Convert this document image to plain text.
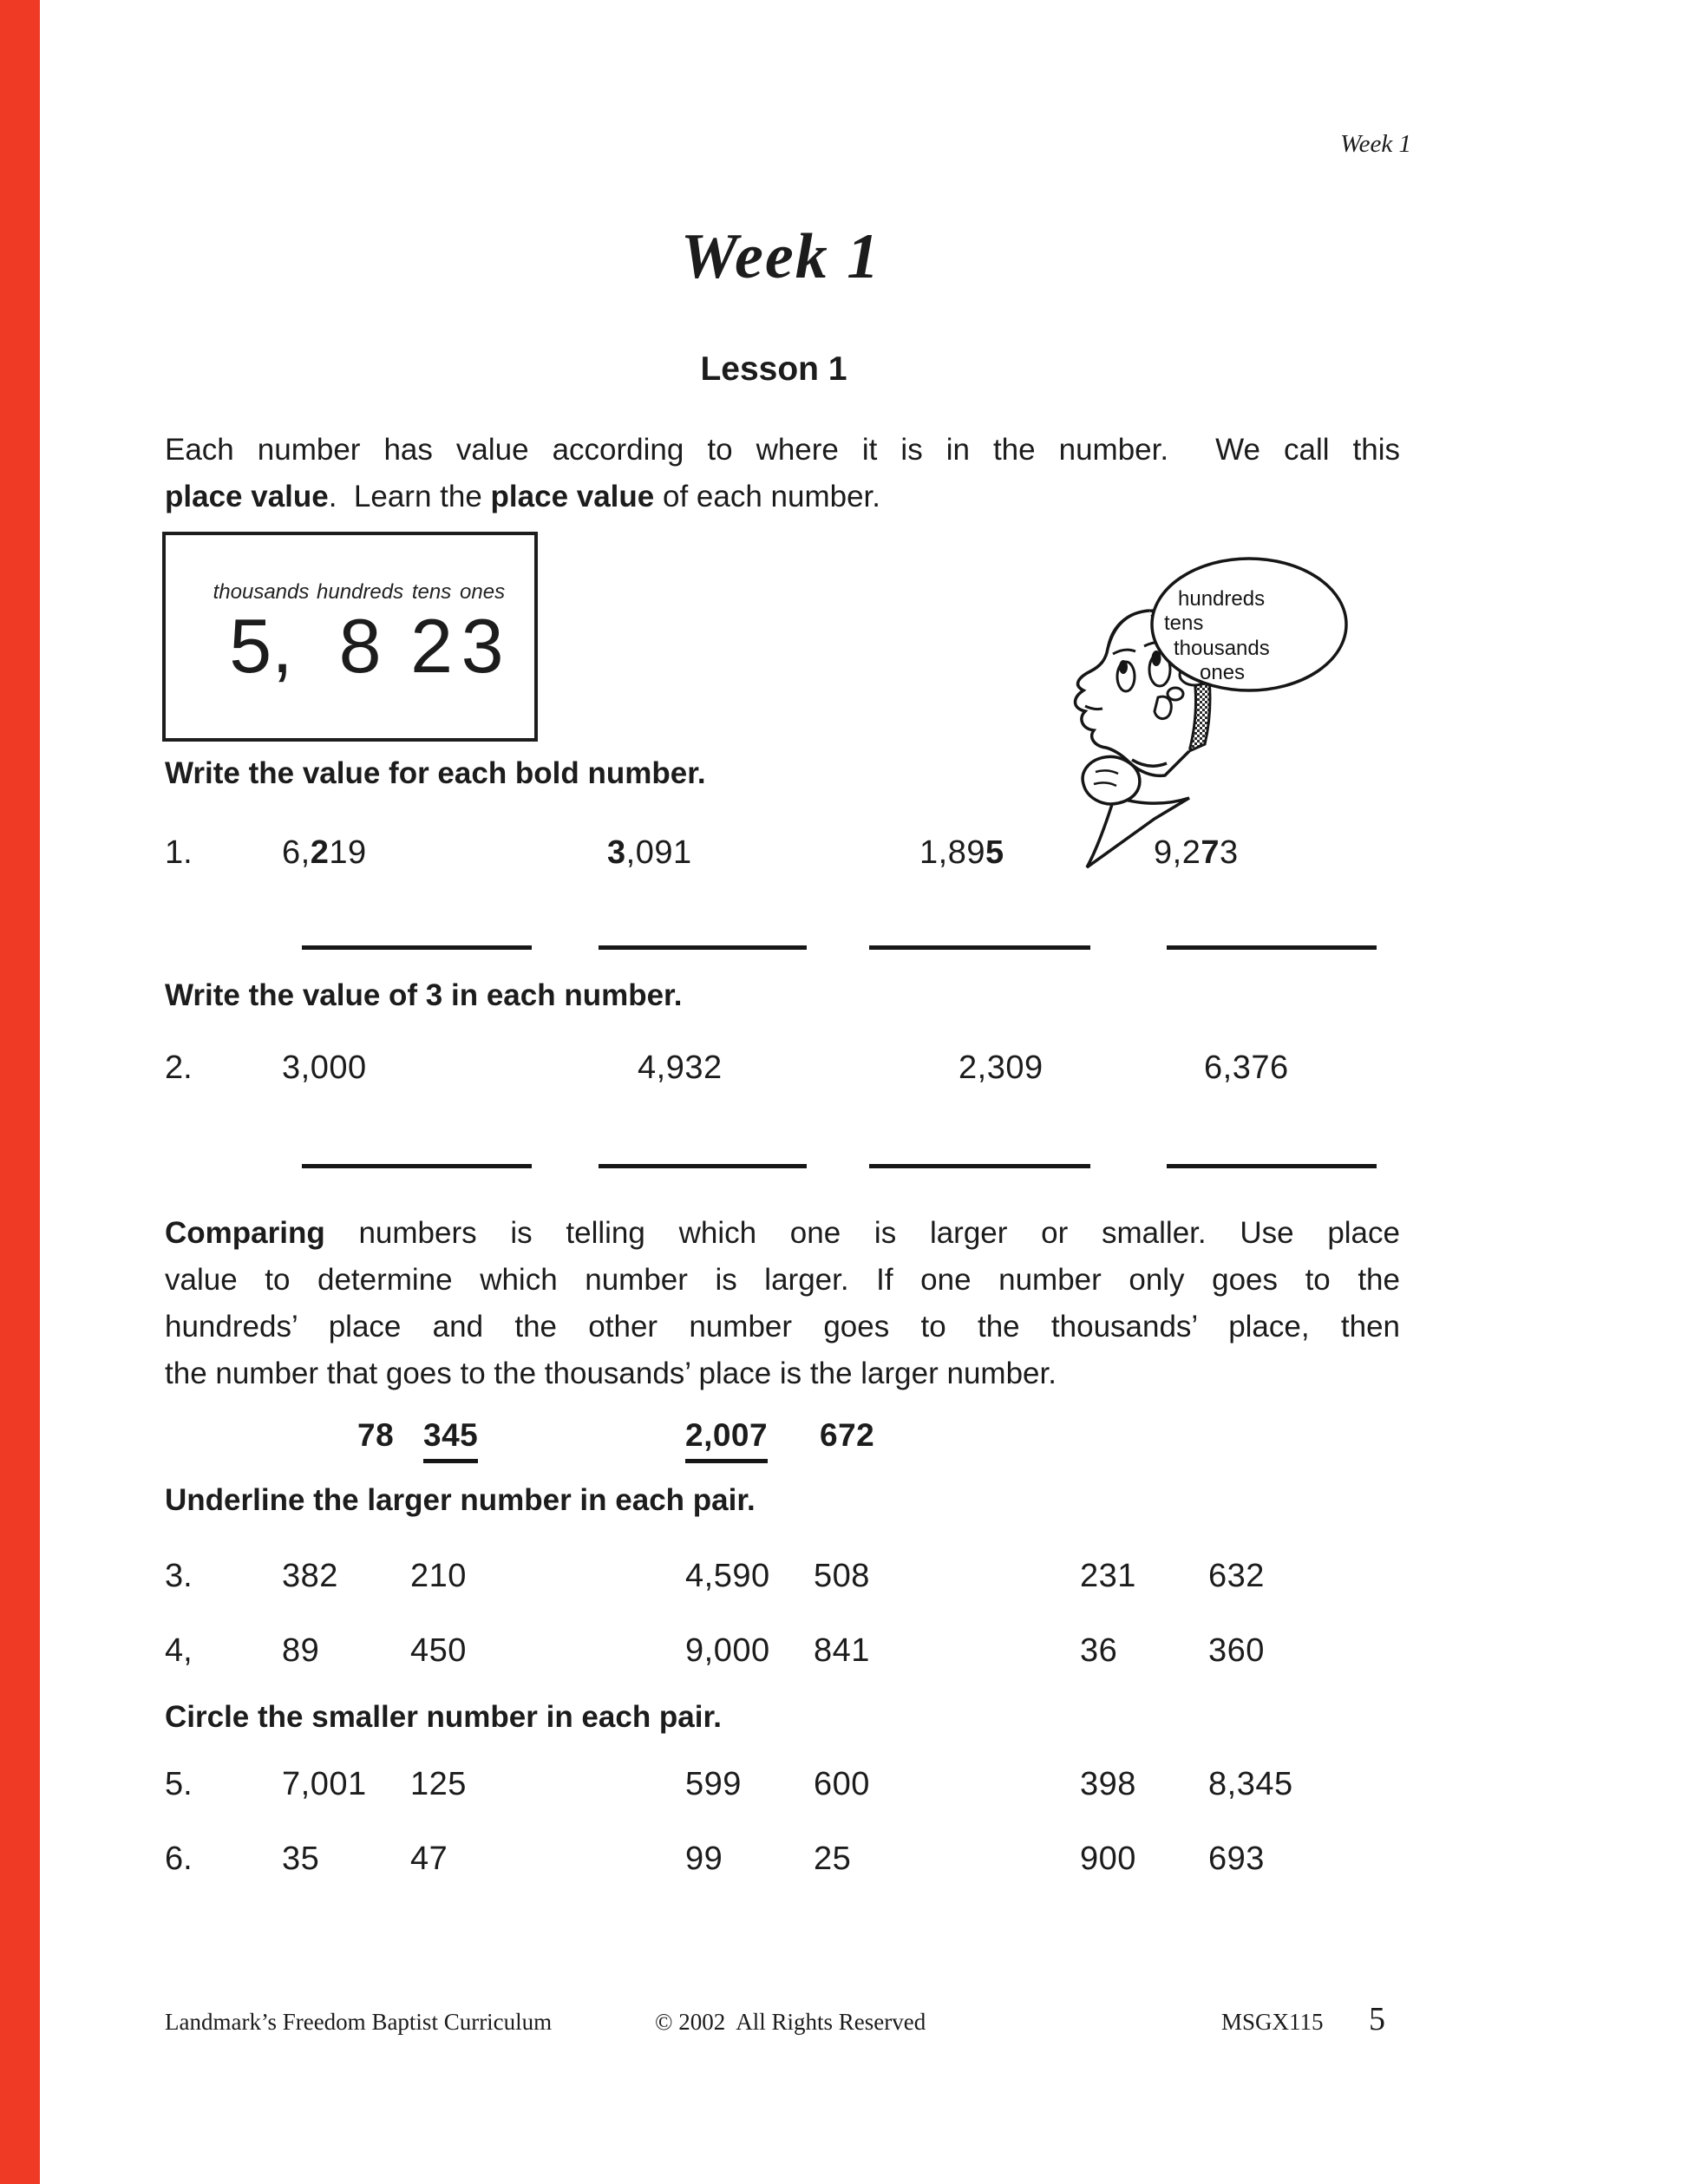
Week 1
Week 1
Lesson 1
Each number has value according to where it is in the number.  We call this
place value.  Learn the place value of each number.
thousands
5,
hundreds
8
tens
2
ones
3
hundreds
tens
thousands
ones
Write the value for each bold number.
1.	6,219	3,091	1,895	9,273
Write the value of 3 in each number.
2.	3,000	4,932	2,309	6,376
Comparing numbers is telling which one is larger or smaller. Use place
value to determine which number is larger. If one number only goes to the
hundreds’ place and the other number goes to the thousands’ place, then
the number that goes to the thousands’ place is the larger number.
78 345	2,007 672
Underline the larger number in each pair.
3.	382	210	4,590	508	231	632
4,	89	450	9,000	841	36	360
Circle the smaller number in each pair.
5.	7,001	125	599	600	398	8,345
6.	35	47	99	25	900	693
Landmark’s Freedom Baptist Curriculum	© 2002  All Rights Reserved	MSGX115 5
